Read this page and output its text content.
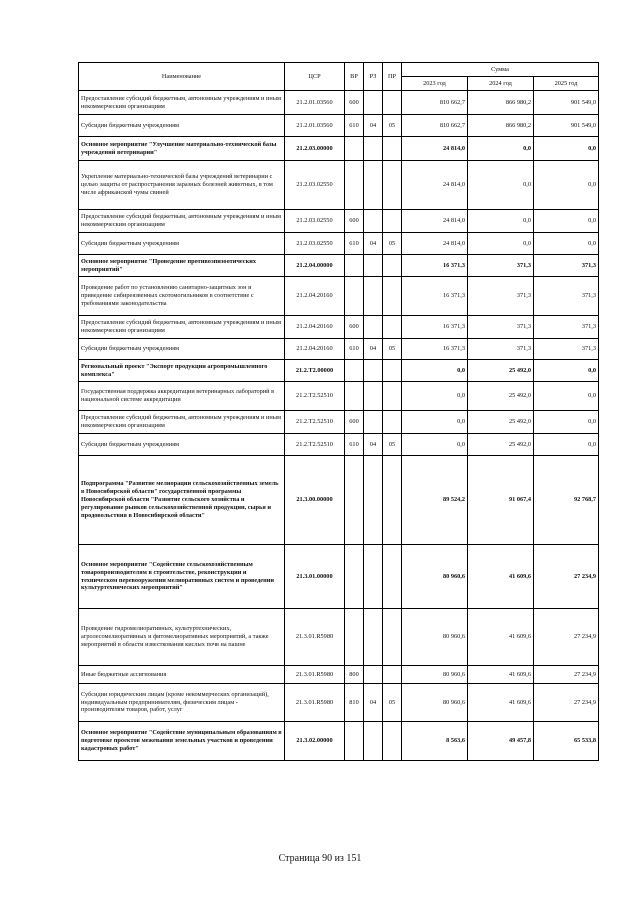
Наименование	ЦСР	ВР	РЗ	ПР	Сумма		
					2023 год	2024 год	2025 год
Предоставление субсидий бюджетным, автономным учреждениям и иным некоммерческим организациям	21.2.01.03560	600			810 662,7	866 980,2	901 549,0
Субсидии бюджетным учреждениям	21.2.01.03560	610	04	05	810 662,7	866 980,2	901 549,0
Основное мероприятие "Улучшение материально-технической базы учреждений ветеринарии"	21.2.03.00000				24 814,0	0,0	0,0
Укрепление материально-технической базы учреждений ветеринарии с целью защиты от распространения заразных болезней животных, в том числе африканской чумы свиней	21.2.03.02550				24 814,0	0,0	0,0
Предоставление субсидий бюджетным, автономным учреждениям и иным некоммерческим организациям	21.2.03.02550	600			24 814,0	0,0	0,0
Субсидии бюджетным учреждениям	21.2.03.02550	610	04	05	24 814,0	0,0	0,0
Основное мероприятие "Проведение противоэпизоотических мероприятий"	21.2.04.00000				16 371,3	371,3	371,3
Проведение работ по установлению санитарно-защитных зон и приведение сибиреязвенных скотомогильников в соответствие с требованиями законодательства	21.2.04.20160				16 371,3	371,3	371,3
Предоставление субсидий бюджетным, автономным учреждениям и иным некоммерческим организациям	21.2.04.20160	600			16 371,3	371,3	371,3
Субсидии бюджетным учреждениям	21.2.04.20160	610	04	05	16 371,3	371,3	371,3
Региональный проект "Экспорт продукции агропромышленного комплекса"	21.2.T2.00000				0,0	25 492,0	0,0
Государственная поддержка аккредитации ветеринарных лабораторий в национальной системе аккредитации	21.2.T2.52510				0,0	25 492,0	0,0
Предоставление субсидий бюджетным, автономным учреждениям и иным некоммерческим организациям	21.2.T2.52510	600			0,0	25 492,0	0,0
Субсидии бюджетным учреждениям	21.2.T2.52510	610	04	05	0,0	25 492,0	0,0
Подпрограмма "Развитие мелиорации сельскохозяйственных земель в Новосибирской области" государственной программы Новосибирской области "Развитие сельского хозяйства и регулирование рынков сельскохозяйственной продукции, сырья и продовольствия в Новосибирской области"	21.3.00.00000				89 524,2	91 067,4	92 768,7
Основное мероприятие "Содействие сельскохозяйственным товаропроизводителям в строительстве, реконструкции и техническом перевооружении мелиоративных систем и проведении культуртехнических мероприятий"	21.3.01.00000				80 960,6	41 609,6	27 234,9
Проведение гидромелиоративных, культуртехнических, агролесомелиоративных и фитомелиоративных мероприятий, а также мероприятий в области известкования кислых почв на пашне	21.3.01.R5980				80 960,6	41 609,6	27 234,9
Иные бюджетные ассигнования	21.3.01.R5980	800			80 960,6	41 609,6	27 234,9
Субсидии юридическим лицам (кроме некоммерческих организаций), индивидуальным предпринимателям, физическим лицам - производителям товаров, работ, услуг	21.3.01.R5980	810	04	05	80 960,6	41 609,6	27 234,9
Основное мероприятие "Содействие муниципальным образованиям в подготовке проектов межевания земельных участков и проведении кадастровых работ"	21.3.02.00000				8 563,6	49 457,8	65 533,8
Страница 90 из 151
